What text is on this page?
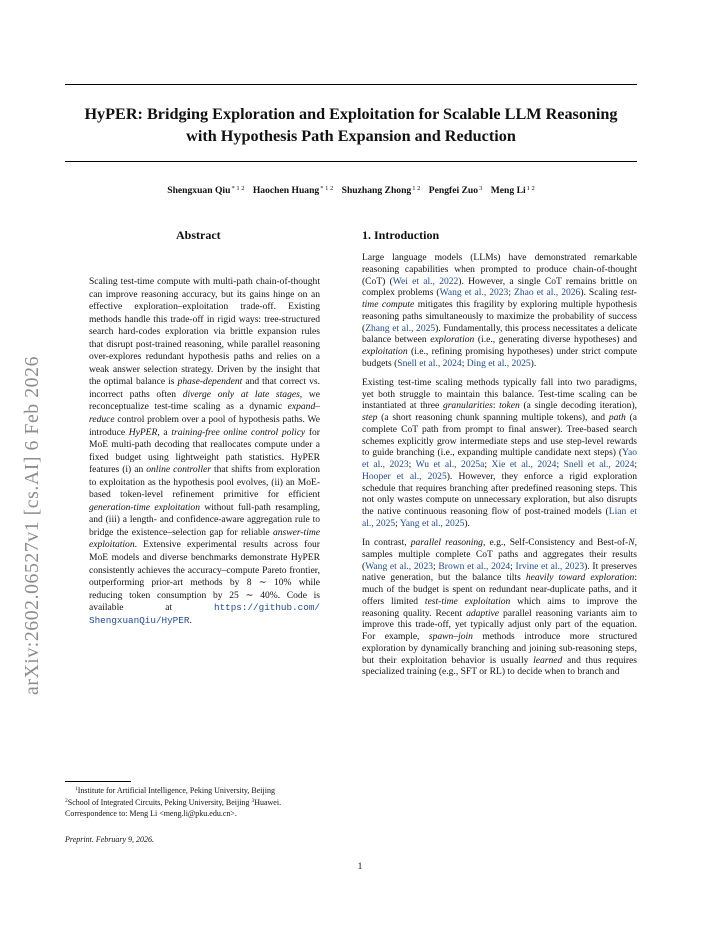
HyPER: Bridging Exploration and Exploitation for Scalable LLM Reasoning
with Hypothesis Path Expansion and Reduction
Shengxuan Qiu$^{* 1 2}$ Haochen Huang$^{* 1 2}$ Shuzhang Zhong$^{1 2}$ Pengfei Zuo$^3$ Meng $Li^{1 2}$
arXiv:2602.06527v1 [cs.AI] 6 Feb 2026
Abstract	1. Introduction
Scaling test-time compute with multi-path chain-of-thought can improve reasoning accuracy, but its gains hinge on an effective exploration–exploitation trade-off. Existing methods handle this trade-off in rigid ways: tree-structured search hard-codes exploration via brittle expansion rules that disrupt post-trained reasoning, while parallel reasoning over-explores redundant hypothesis paths and relies on a weak answer selection strategy. Driven by the insight that the optimal balance is phase-dependent and that correct vs. incorrect paths often diverge only at late stages, we reconceptualize test-time scaling as a dynamic expand–reduce control problem over a pool of hypothesis paths. We introduce HyPER, a training-free online control policy for MoE multi-path decoding that reallocates compute under a fixed budget using lightweight path statistics. HyPER features (i) an online controller that shifts from exploration to exploitation as the hypothesis pool evolves, (ii) an MoE-based token-level refinement primitive for efficient generation-time exploitation without full-path resampling, and (iii) a length- and confidence-aware aggregation rule to bridge the existence–selection gap for reliable answer-time exploitation. Extensive experimental results across four MoE models and diverse benchmarks demonstrate HyPER consistently achieves the accuracy–compute Pareto frontier, outperforming prior-art methods by 8 ∼ 10% while reducing token consumption by 25 ∼ 40%. Code is available at https://github.com/ ShengxuanQiu/HyPER.
$^1$Institute for Artificial Intelligence, Peking University, Beijing
$^2$School of Integrated Circuits, Peking University, Beijing $^3$Huawei.
Correspondence to: Meng Li <meng.li@pku.edu.cn>.
Preprint. February 9, 2026.

Large language models (LLMs) have demonstrated remarkable reasoning capabilities when prompted to produce chain-of-thought (CoT) (Wei et al., 2022). However, a single CoT remains brittle on complex problems (Wang et al., 2023; Zhao et al., 2026). Scaling test-time compute mitigates this fragility by exploring multiple hypothesis reasoning paths simultaneously to maximize the probability of success (Zhang et al., 2025). Fundamentally, this process necessitates a delicate balance between exploration (i.e., generating diverse hypotheses) and exploitation (i.e., refining promising hypotheses) under strict compute budgets (Snell et al., 2024; Ding et al., 2025).

Existing test-time scaling methods typically fall into two paradigms, yet both struggle to maintain this balance. Test-time scaling can be instantiated at three granularities: token (a single decoding iteration), step (a short reasoning chunk spanning multiple tokens), and path (a complete CoT path from prompt to final answer). Tree-based search schemes explicitly grow intermediate steps and use step-level rewards to guide branching (i.e., expanding multiple candidate next steps) (Yao et al., 2023; Wu et al., 2025a; Xie et al., 2024; Snell et al., 2024; Hooper et al., 2025). However, they enforce a rigid exploration schedule that requires branching after predefined reasoning steps. This not only wastes compute on unnecessary exploration, but also disrupts the native continuous reasoning flow of post-trained models (Lian et al., 2025; Yang et al., 2025).

In contrast, parallel reasoning, e.g., Self-Consistency and Best-of-N, samples multiple complete CoT paths and aggregates their results (Wang et al., 2023; Brown et al., 2024; Irvine et al., 2023). It preserves native generation, but the balance tilts heavily toward exploration: much of the budget is spent on redundant near-duplicate paths, and it offers limited test-time exploitation which aims to improve the reasoning quality. Recent adaptive parallel reasoning variants aim to improve this trade-off, yet typically adjust only part of the equation. For example, spawn–join methods introduce more structured exploration by dynamically branching and joining sub-reasoning steps, but their exploitation behavior is usually learned and thus requires specialized training (e.g., SFT or RL) to decide when to branch and

1
